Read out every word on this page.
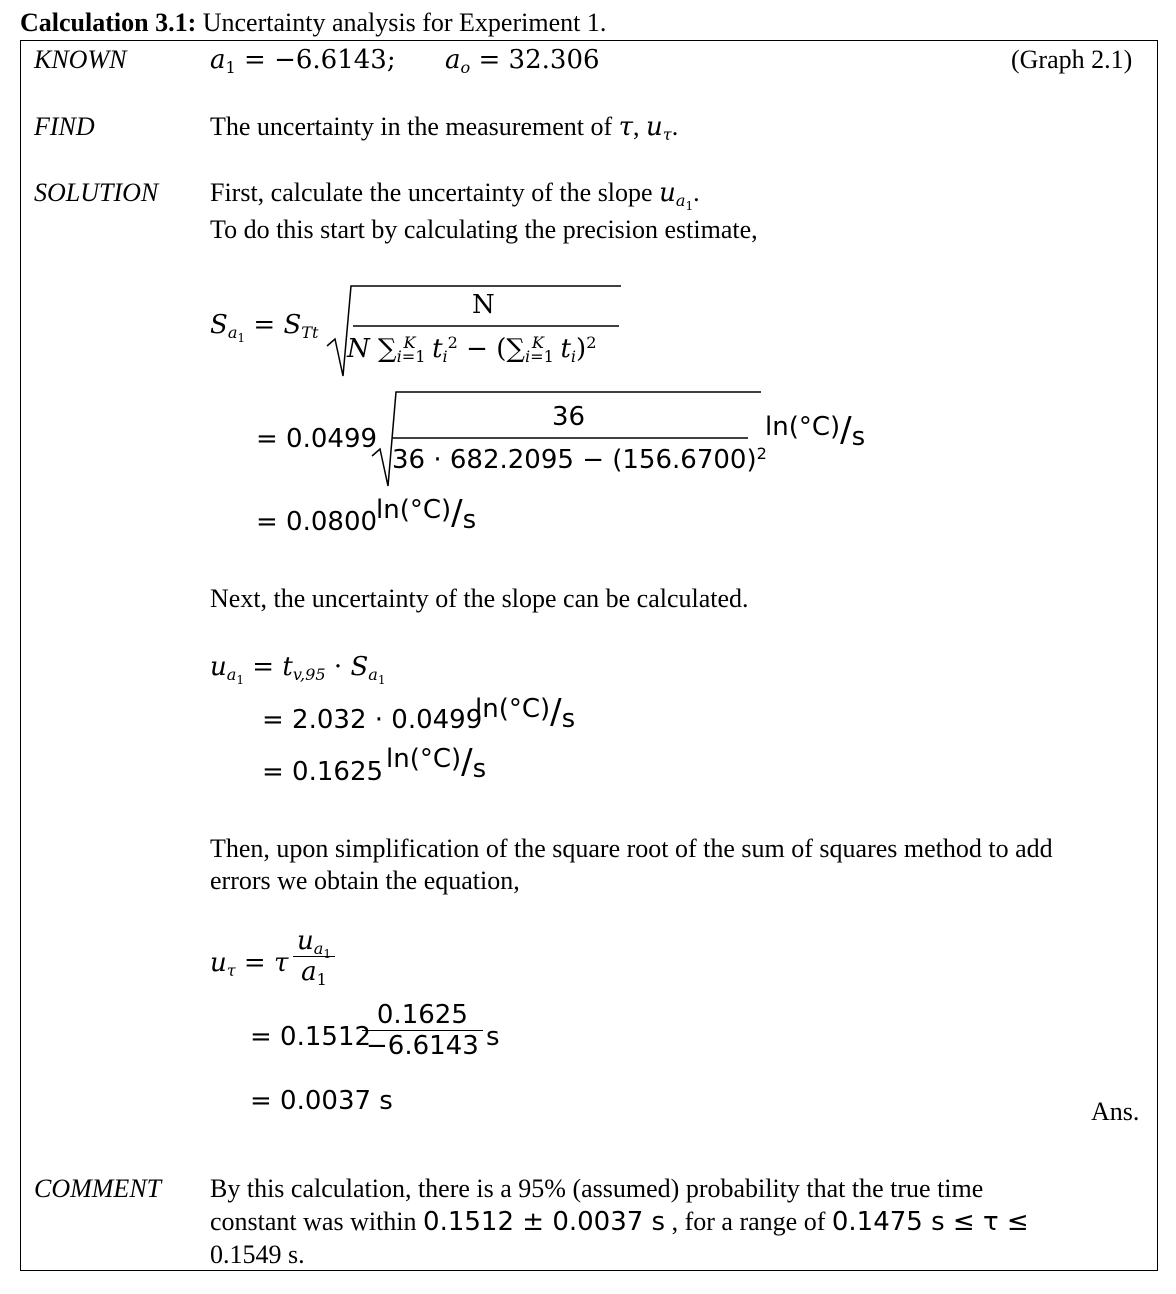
Calculation 3.1: Uncertainty analysis for Experiment 1.
KNOWN
FIND
SOLUTION
COMMENT
$a_1 = -6.6143$; $a_o = 32.306$	(Graph 2.1)
The uncertainty in the measurement of τ, $u_\tau$.
First, calculate the uncertainty of the slope $u_{a_1}$.
To do this start by calculating the precision estimate,
$S_{a_1} = S_{Tt}$
N
N $\sum_{i=1}^K$ $t_i^2 - (\sum_{i=1}^K$ $t_i)^2$
= 0.0499
36
$36 \cdot 682.2095 - (156.6700)^2$
ln(°C)/s
= 0.0800
ln(°C)/s
Next, the uncertainty of the slope can be calculated.
$u_{a_1} = t_{v,95} \cdot S_{a_1}$
= 2.032 · 0.0499
ln(°C)/s
= 0.1625 ln(°C)/s
Then, upon simplification of the square root of the sum of squares method to add
errors we obtain the equation,
$u_\tau = \tau \frac{u_{a_1}}{a_1}$
= 0.1512
$\frac{0.1625}{-6.6143}$ s
= 0.0037 s	Ans.
By this calculation, there is a 95% (assumed) probability that the true time
constant was within 0.1512 ± 0.0037 s , for a range of 0.1475 s ≤ τ ≤
0.1549 s.
